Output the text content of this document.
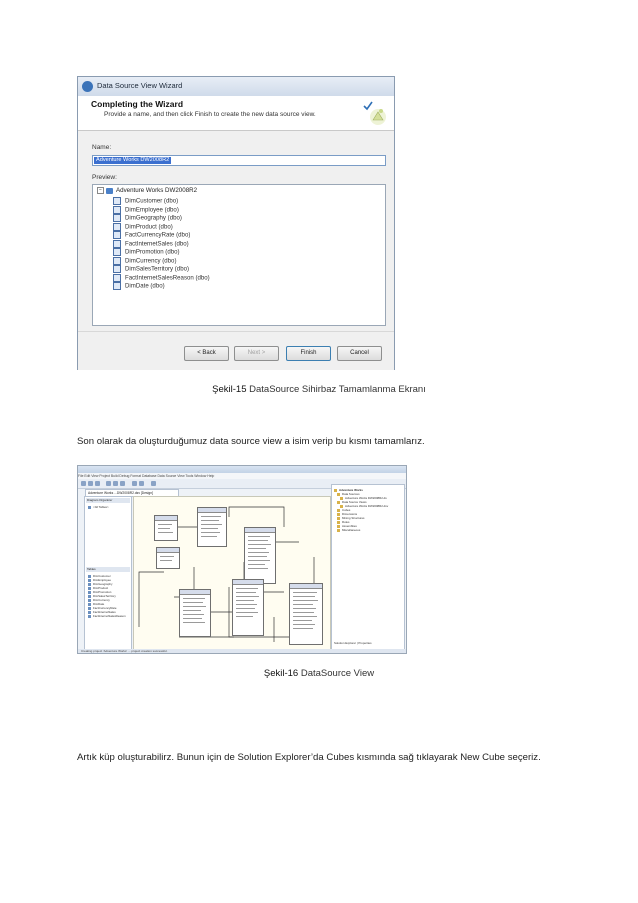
Data Source View Wizard
Completing the Wizard
Provide a name, and then click Finish to create the new data source view.
Name:
Adventure Works DW2008R2
Preview:
− Adventure Works DW2008R2
DimCustomer (dbo)
DimEmployee (dbo)
DimGeography (dbo)
DimProduct (dbo)
FactCurrencyRate (dbo)
FactInternetSales (dbo)
DimPromotion (dbo)
DimCurrency (dbo)
DimSalesTerritory (dbo)
FactInternetSalesReason (dbo)
DimDate (dbo)
< Back	Next >	Finish	Cancel
Şekil-15 DataSource Sihirbaz Tamamlanma Ekranı
Son olarak da oluşturduğumuz data source view a isim verip bu kısmı tamamlarız.
File Edit View Project Build Debug Format Database Data Source View Tools Window Help
Adventure Works ...DW2008R2.dsv [Design]
Diagram Organizer
<All Tables>
Tables
DimCustomer
DimEmployee
DimGeography
DimProduct
DimPromotion
DimSalesTerritory
DimCurrency
DimDate
FactCurrencyRate
FactInternetSales
FactInternetSalesReason
Adventure Works
Data Sources
Adventure Works DW2008R2.ds
Data Source Views
Adventure Works DW2008R2.dsv
Cubes
Dimensions
Mining Structures
Roles
Assemblies
Miscellaneous
Solution Explorer | Properties
Creating project 'Adventure Works' ... project creation successful.
Şekil-16 DataSource View
Artık küp oluşturabilirz. Bunun için de Solution Explorer’da Cubes kısmında sağ tıklayarak New Cube seçeriz.
